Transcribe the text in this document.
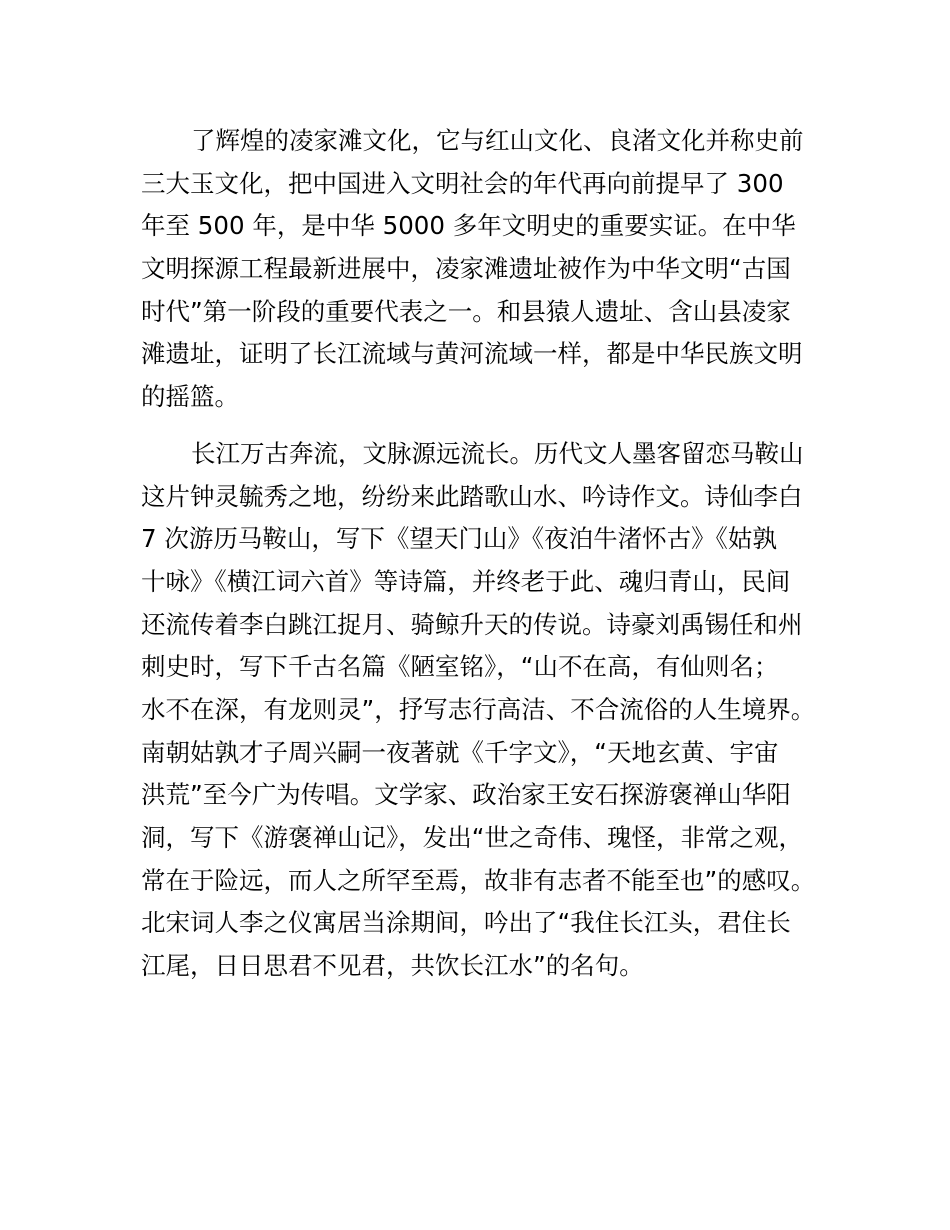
了辉煌的凌家滩文化，它与红山文化、良渚文化并称史前
三大玉文化，把中国进入文明社会的年代再向前提早了 300
年至 500 年，是中华 5000 多年文明史的重要实证。在中华
文明探源工程最新进展中，凌家滩遗址被作为中华文明“古国
时代”第一阶段的重要代表之一。和县猿人遗址、含山县凌家
滩遗址，证明了长江流域与黄河流域一样，都是中华民族文明
的摇篮。
长江万古奔流，文脉源远流长。历代文人墨客留恋马鞍山
这片钟灵毓秀之地，纷纷来此踏歌山水、吟诗作文。诗仙李白
7 次游历马鞍山，写下《望天门山》《夜泊牛渚怀古》《姑孰
十咏》《横江词六首》等诗篇，并终老于此、魂归青山，民间
还流传着李白跳江捉月、骑鲸升天的传说。诗豪刘禹锡任和州
刺史时，写下千古名篇《陋室铭》，“山不在高，有仙则名；
水不在深，有龙则灵”，抒写志行高洁、不合流俗的人生境界。
南朝姑孰才子周兴嗣一夜著就《千字文》，“天地玄黄、宇宙
洪荒”至今广为传唱。文学家、政治家王安石探游褒禅山华阳
洞，写下《游褒禅山记》，发出“世之奇伟、瑰怪，非常之观，
常在于险远，而人之所罕至焉，故非有志者不能至也”的感叹。
北宋词人李之仪寓居当涂期间，吟出了“我住长江头，君住长
江尾，日日思君不见君，共饮长江水”的名句。
